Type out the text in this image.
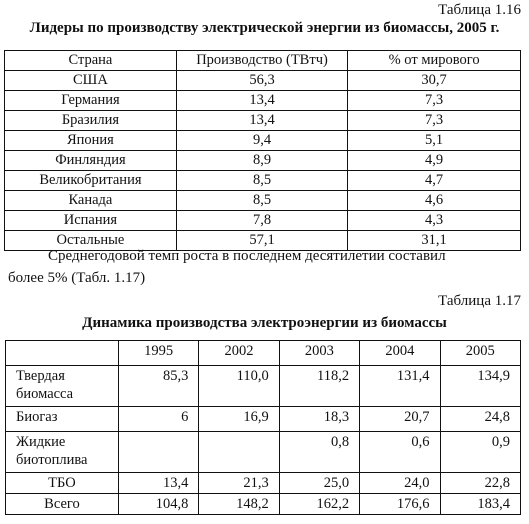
Таблица 1.16
Лидеры по производству электрической энергии из биомассы, 2005 г.
Страна	Производство (ТВтч)	% от мирового
США	56,3	30,7
Германия	13,4	7,3
Бразилия	13,4	7,3
Япония	9,4	5,1
Финляндия	8,9	4,9
Великобритания	8,5	4,7
Канада	8,5	4,6
Испания	7,8	4,3
Остальные	57,1	31,1
Среднегодовой темп роста в последнем десятилетии составил
более 5% (Табл. 1.17)
Таблица 1.17
Динамика производства электроэнергии из биомассы
	1995	2002	2003	2004	2005
Твердая биомасса	85,3	110,0	118,2	131,4	134,9
Биогаз	6	16,9	18,3	20,7	24,8
Жидкие биотоплива			0,8	0,6	0,9
ТБО	13,4	21,3	25,0	24,0	22,8
Всего	104,8	148,2	162,2	176,6	183,4
